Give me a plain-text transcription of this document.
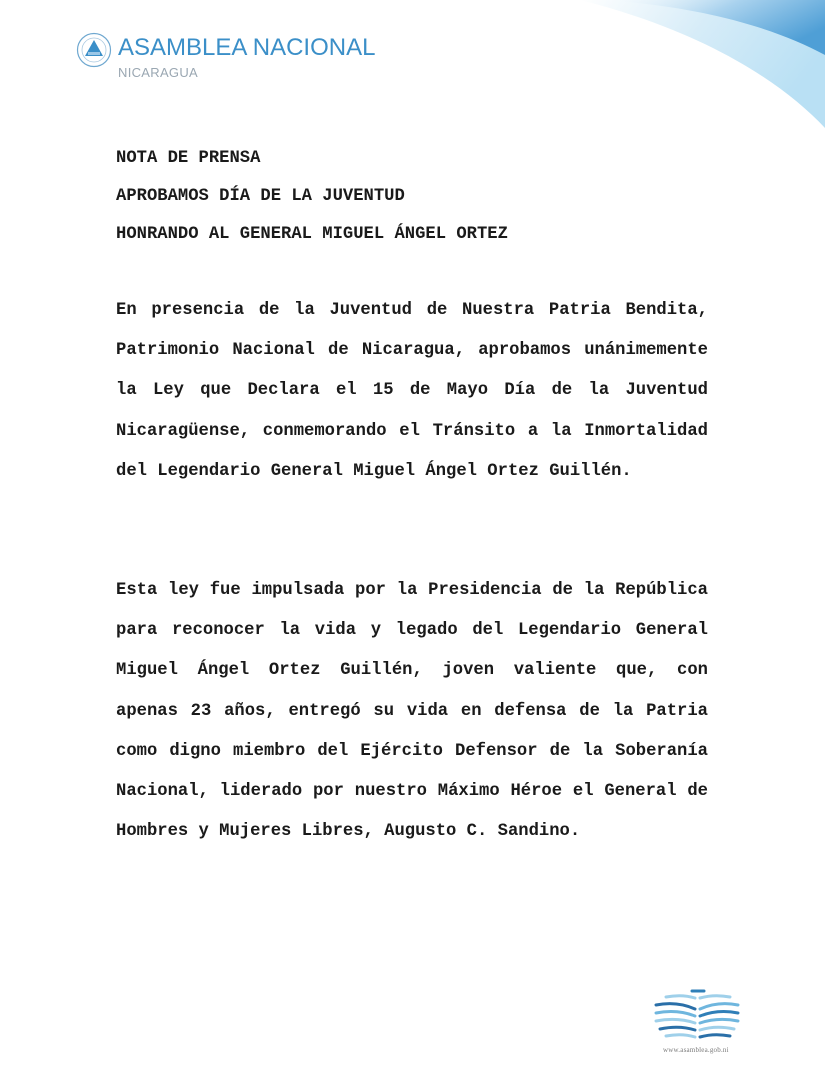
ASAMBLEA NACIONAL
NICARAGUA

NOTA DE PRENSA

APROBAMOS DÍA DE LA JUVENTUD

HONRANDO AL GENERAL MIGUEL ÁNGEL ORTEZ

En presencia de la Juventud de Nuestra Patria Bendita, Patrimonio Nacional de Nicaragua, aprobamos unánimemente la Ley que Declara el 15 de Mayo Día de la Juventud Nicaragüense, conmemorando el Tránsito a la Inmortalidad del Legendario General Miguel Ángel Ortez Guillén.

Esta ley fue impulsada por la Presidencia de la República para reconocer la vida y legado del Legendario General Miguel Ángel Ortez Guillén, joven valiente que, con apenas 23 años, entregó su vida en defensa de la Patria como digno miembro del Ejército Defensor de la Soberanía Nacional, liderado por nuestro Máximo Héroe el General de Hombres y Mujeres Libres, Augusto C. Sandino.

www.asamblea.gob.ni
